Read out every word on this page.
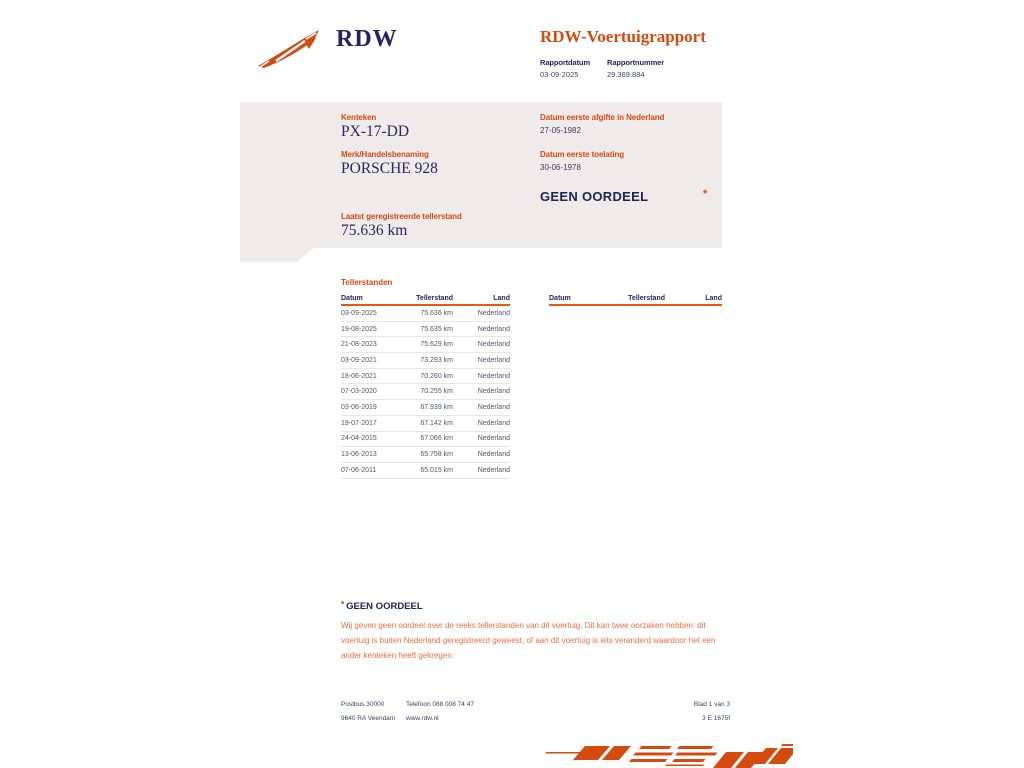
RDW	RDW-Voertuigrapport
Rapportdatum Rapportnummer
03-09-2025	29.369.884
Kenteken
PX-17-DD
Merk/Handelsbenaming
PORSCHE 928
Laatst geregistreerde tellerstand
75.636 km
Datum eerste afgifte in Nederland
27-05-1982
Datum eerste toelating
30-06-1978
GEEN OORDEEL	*
Tellerstanden
Datum	Tellerstand	Land
03-09-2025	75.636 km	Nederland
19-08-2025	75.635 km	Nederland
21-08-2023	75.629 km	Nederland
03-09-2021	73.293 km	Nederland
18-06-2021	70.260 km	Nederland
07-03-2020	70.255 km	Nederland
03-06-2019	67.939 km	Nederland
19-07-2017	67.142 km	Nederland
24-04-2015	67.066 km	Nederland
13-06-2013	65.758 km	Nederland
07-06-2011	65.015 km	Nederland
Datum	Tellerstand	Land
* GEEN OORDEEL
Wij geven geen oordeel over de reeks tellerstanden van dit voertuig. Dit kan twee oorzaken hebben: dit voertuig is buiten Nederland geregistreerd geweest, of aan dit voertuig is iets veranderd waardoor het een ander kenteken heeft gekregen.
Postbus 30000
9640 RA Veendam
Telefoon 088 008 74 47
www.rdw.nl
Blad 1 van 3
3 E 1675f
